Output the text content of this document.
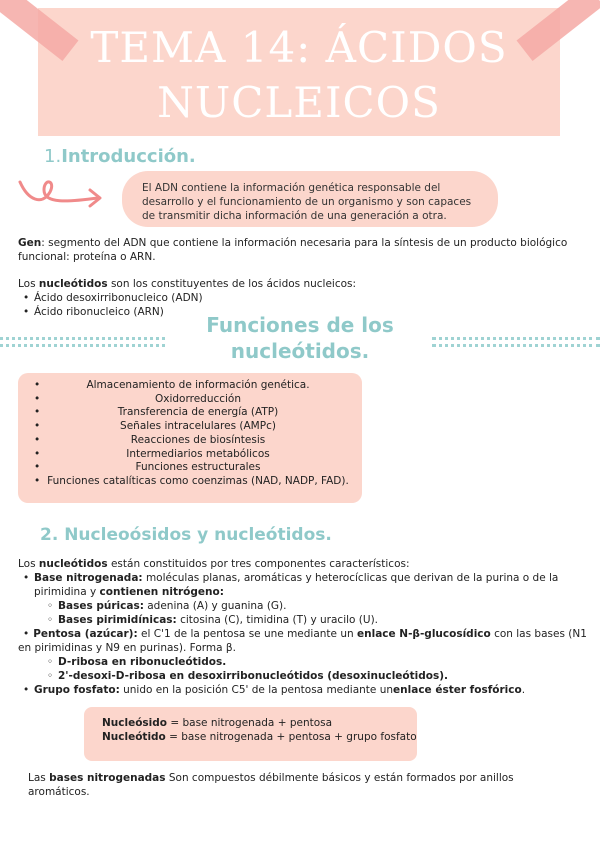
TEMA 14: ÁCIDOS
NUCLEICOS
1.Introducción.
El ADN contiene la información genética responsable del desarrollo y el funcionamiento de un organismo y son capaces de transmitir dicha información de una generación a otra.
Gen: segmento del ADN que contiene la información necesaria para la síntesis de un producto biológico funcional: proteína o ARN.
Los nucleótidos son los constituyentes de los ácidos nucleicos:
• Ácido desoxirribonucleico (ADN)
• Ácido ribonucleico (ARN)
Funciones de los
nucleótidos.
• Almacenamiento de información genética.
• Oxidorreducción
• Transferencia de energía (ATP)
• Señales intracelulares (AMPc)
• Reacciones de biosíntesis
• Intermediarios metabólicos
• Funciones estructurales
• Funciones catalíticas como coenzimas (NAD, NADP, FAD).
2. Nucleoósidos y nucleótidos.
Los nucleótidos están constituidos por tres componentes característicos:
• Base nitrogenada: moléculas planas, aromáticas y heterocíclicas que derivan de la purina o de la pirimidina y contienen nitrógeno:
◦ Bases púricas: adenina (A) y guanina (G).
◦ Bases pirimidínicas: citosina (C), timidina (T) y uracilo (U).
• Pentosa (azúcar): el C'1 de la pentosa se une mediante un enlace N-β-glucosídico con las bases (N1 en pirimidinas y N9 en purinas). Forma β.
◦ D-ribosa en ribonucleótidos.
◦ 2'-desoxi-D-ribosa en desoxirribonucleótidos (desoxinucleótidos).
• Grupo fosfato: unido en la posición C5' de la pentosa mediante unenlace éster fosfórico.
Nucleósido = base nitrogenada + pentosa
Nucleótido = base nitrogenada + pentosa + grupo fosfato
Las bases nitrogenadas Son compuestos débilmente básicos y están formados por anillos aromáticos.
